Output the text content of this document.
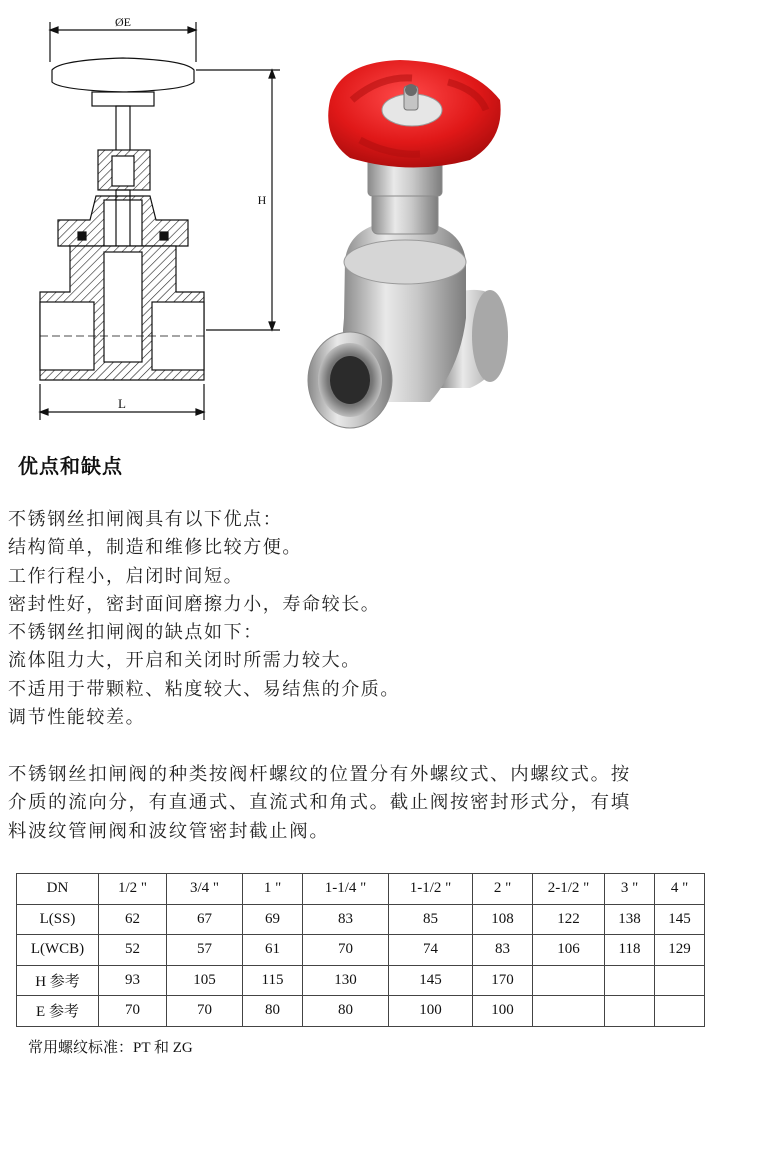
ØE
H
L
优点和缺点
不锈钢丝扣闸阀具有以下优点：
结构简单，制造和维修比较方便。
工作行程小，启闭时间短。
密封性好，密封面间磨擦力小，寿命较长。
不锈钢丝扣闸阀的缺点如下：
流体阻力大，开启和关闭时所需力较大。
不适用于带颗粒、粘度较大、易结焦的介质。
调节性能较差。
不锈钢丝扣闸阀的种类按阀杆螺纹的位置分有外螺纹式、内螺纹式。按
介质的流向分，有直通式、直流式和角式。截止阀按密封形式分，有填
料波纹管闸阀和波纹管密封截止阀。
DN	1/2 "	3/4 "	1 "	1-1/4 "	1-1/2 "	2 "	2-1/2 "	3 "	4 "
L(SS)	62	67	69	83	85	108	122	138	145
L(WCB)	52	57	61	70	74	83	106	118	129
H 参考	93	105	115	130	145	170			
E 参考	70	70	80	80	100	100			
常用螺纹标准：PT 和 ZG
